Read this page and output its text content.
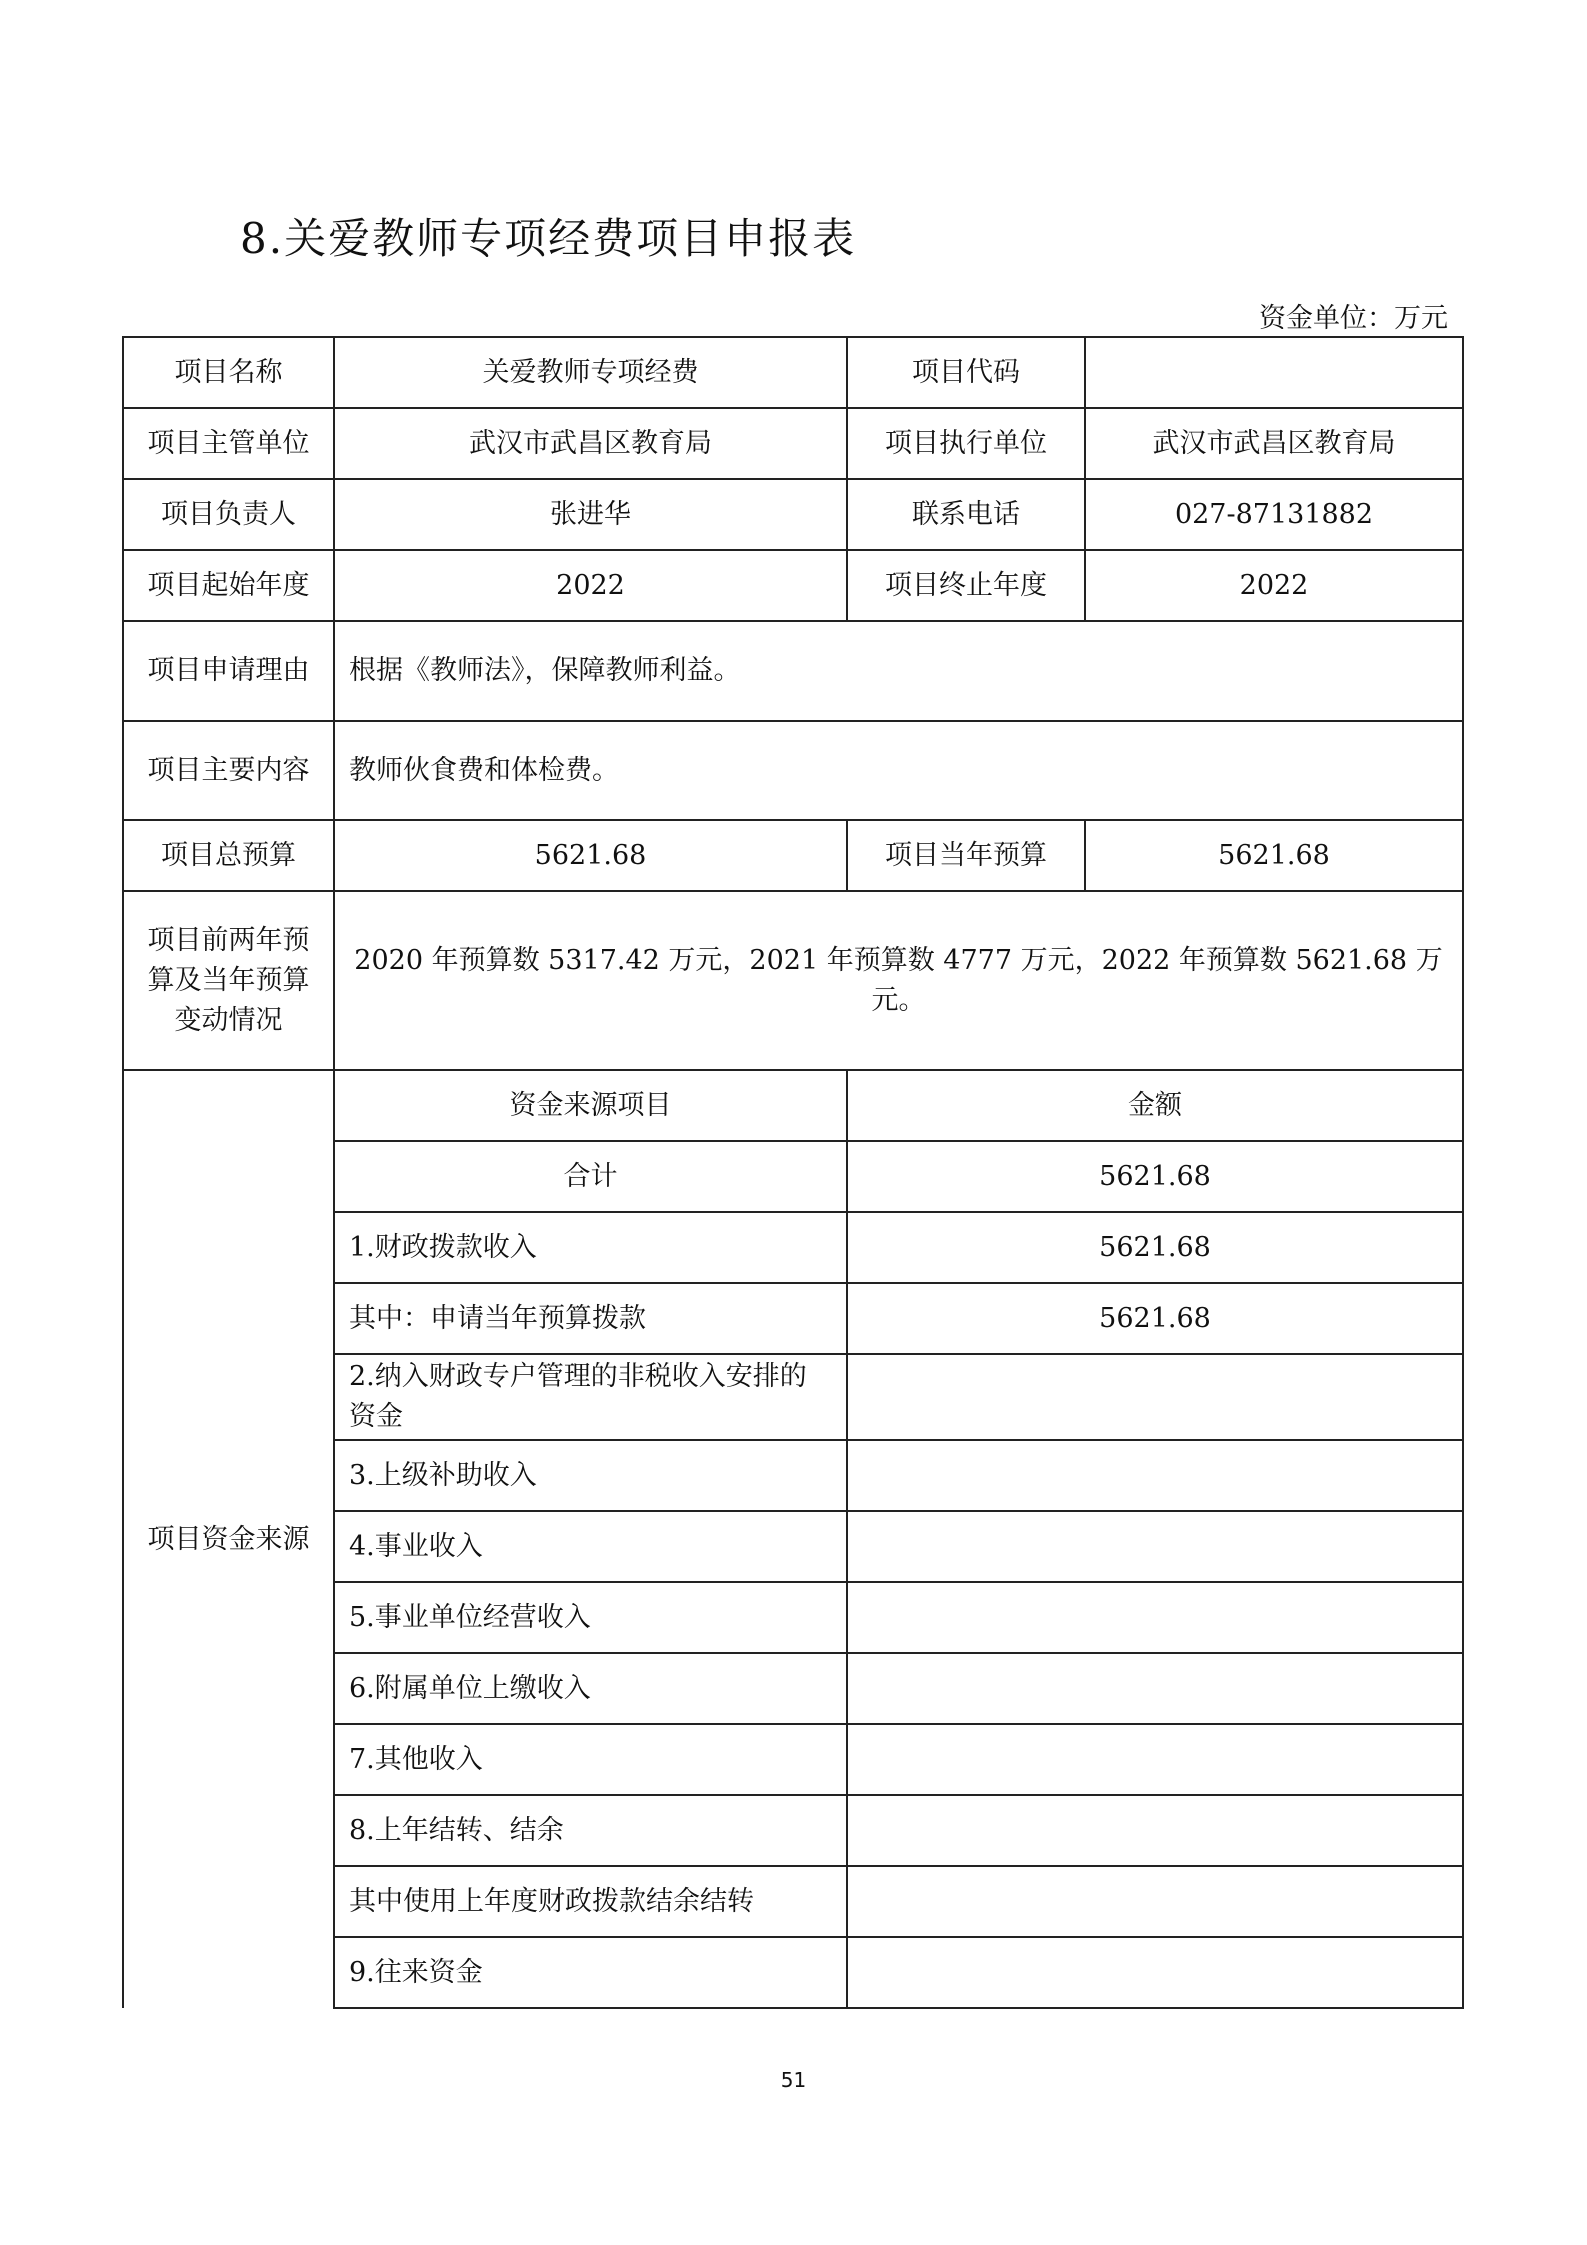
8.关爱教师专项经费项目申报表
资金单位：万元
项目名称	关爱教师专项经费	项目代码	
项目主管单位	武汉市武昌区教育局	项目执行单位	武汉市武昌区教育局
项目负责人	张进华	联系电话	027-87131882
项目起始年度	2022	项目终止年度	2022
项目申请理由	根据《教师法》，保障教师利益。		
项目主要内容	教师伙食费和体检费。		
项目总预算	5621.68	项目当年预算	5621.68

项目前两年预
算及当年预算
变动情况	2020 年预算数 5317.42 万元，2021 年预算数 4777 万元，2022 年预算数 5621.68 万元。		
项目资金来源	资金来源项目	金额	
	合计	5621.68	
	1.财政拨款收入	5621.68	
	其中：申请当年预算拨款	5621.68	
	2.纳入财政专户管理的非税收入安排的资金		
	3.上级补助收入		
	4.事业收入		
	5.事业单位经营收入		
	6.附属单位上缴收入		
	7.其他收入		
	8.上年结转、结余		
	其中使用上年度财政拨款结余结转		
	9.往来资金		
51
